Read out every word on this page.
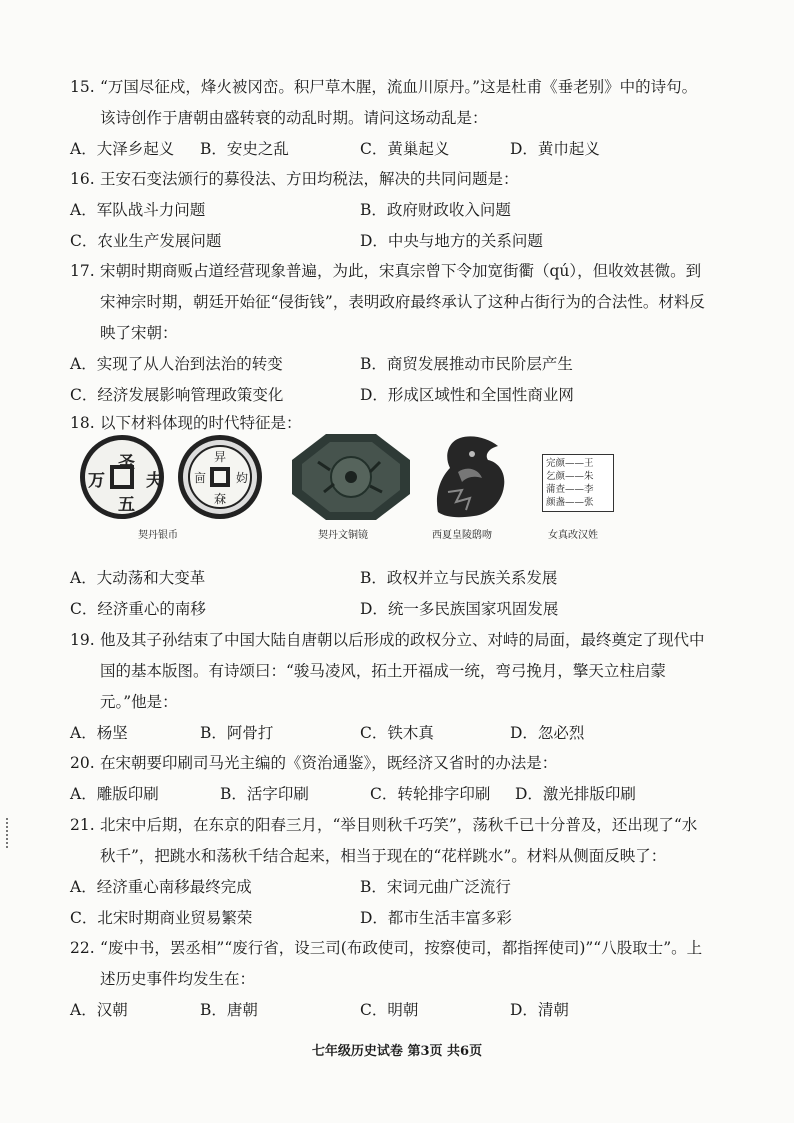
15. “万国尽征戍，烽火被冈峦。积尸草木腥，流血川原丹。”这是杜甫《垂老别》中的诗句。该诗创作于唐朝由盛转衰的动乱时期。请问这场动乱是：
A．大泽乡起义 B．安史之乱	C．黄巢起义	D．黄巾起义
16. 王安石变法颁行的募役法、方田均税法，解决的共同问题是：
A．军队战斗力问题	B．政府财政收入问题
C．农业生产发展问题	D．中央与地方的关系问题
17. 宋朝时期商贩占道经营现象普遍，为此，宋真宗曾下令加宽街衢（qú），但收效甚微。到宋神宗时期，朝廷开始征“侵街钱”，表明政府最终承认了这种占街行为的合法性。材料反映了宋朝：
A．实现了从人治到法治的转变	B．商贸发展推动市民阶层产生
C．经济发展影响管理政策变化	D．形成区域性和全国性商业网
18. 以下材料体现的时代特征是：
圣
夫
万
五
㫒
㚬
㐭
㚞
契丹银币	契丹文铜镜	西夏皇陵鸱吻
完颜——王
乞颜——朱
蒲查——李
颜盏——张
女真改汉姓
A．大动荡和大变革	B．政权并立与民族关系发展
C．经济重心的南移	D．统一多民族国家巩固发展
19. 他及其子孙结束了中国大陆自唐朝以后形成的政权分立、对峙的局面，最终奠定了现代中国的基本版图。有诗颂曰：“骏马凌风，拓土开福成一统，弯弓挽月，擎天立柱启蒙元。”他是：
A．杨坚	B．阿骨打	C．铁木真	D．忽必烈
20. 在宋朝要印刷司马光主编的《资治通鉴》，既经济又省时的办法是：
A．雕版印刷	B．活字印刷	C．转轮排字印刷 D．激光排版印刷
21. 北宋中后期，在东京的阳春三月，“举目则秋千巧笑”，荡秋千已十分普及，还出现了“水秋千”，把跳水和荡秋千结合起来，相当于现在的“花样跳水”。材料从侧面反映了：
A．经济重心南移最终完成	B．宋词元曲广泛流行
C．北宋时期商业贸易繁荣	D．都市生活丰富多彩
22. “废中书，罢丞相”“废行省，设三司(布政使司，按察使司，都指挥使司)”“八股取士”。上述历史事件均发生在：
A．汉朝	B．唐朝	C．明朝	D．清朝
七年级历史试卷 第3页 共6页
